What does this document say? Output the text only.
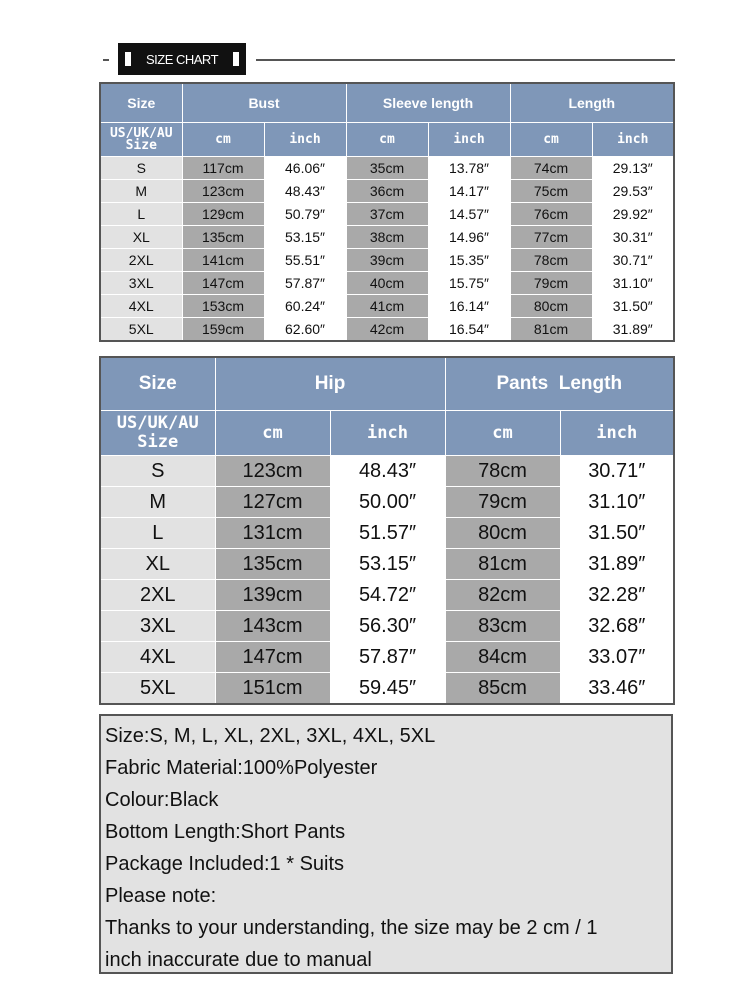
SIZE CHART
Size	Bust		Sleeve length		Length	
US/UK/AU Size	cm	inch	cm	inch	cm	inch
S	117cm	46.06″	35cm	13.78″	74cm	29.13″
M	123cm	48.43″	36cm	14.17″	75cm	29.53″
L	129cm	50.79″	37cm	14.57″	76cm	29.92″
XL	135cm	53.15″	38cm	14.96″	77cm	30.31″
2XL	141cm	55.51″	39cm	15.35″	78cm	30.71″
3XL	147cm	57.87″	40cm	15.75″	79cm	31.10″
4XL	153cm	60.24″	41cm	16.14″	80cm	31.50″
5XL	159cm	62.60″	42cm	16.54″	81cm	31.89″
Size	Hip		Pants  Length	
US/UK/AU Size	cm	inch	cm	inch
S	123cm	48.43″	78cm	30.71″
M	127cm	50.00″	79cm	31.10″
L	131cm	51.57″	80cm	31.50″
XL	135cm	53.15″	81cm	31.89″
2XL	139cm	54.72″	82cm	32.28″
3XL	143cm	56.30″	83cm	32.68″
4XL	147cm	57.87″	84cm	33.07″
5XL	151cm	59.45″	85cm	33.46″
Size:S, M, L, XL, 2XL, 3XL, 4XL, 5XL
Fabric Material:100%Polyester
Colour:Black
Bottom Length:Short Pants
Package Included:1 * Suits
Please note:
Thanks to your understanding, the size may be 2 cm / 1
inch inaccurate due to manual
